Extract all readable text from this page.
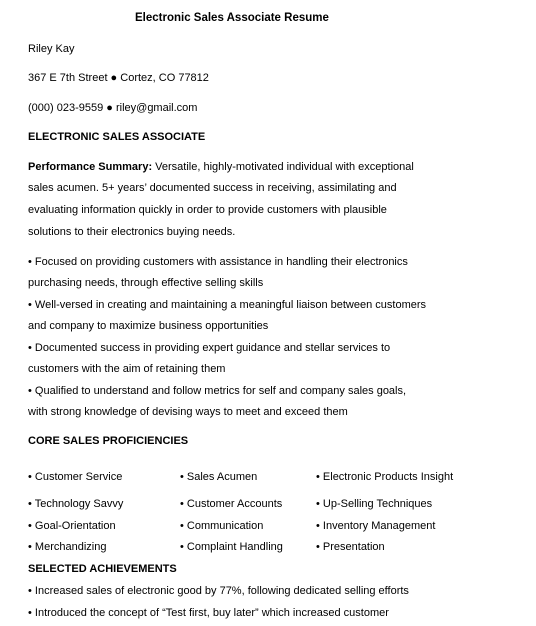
Electronic Sales Associate Resume
Riley Kay
367 E 7th Street ● Cortez, CO 77812
(000) 023-9559 ● riley@gmail.com
ELECTRONIC SALES ASSOCIATE
Performance Summary: Versatile, highly-motivated individual with exceptional
sales acumen. 5+ years’ documented success in receiving, assimilating and
evaluating information quickly in order to provide customers with plausible
solutions to their electronics buying needs.
• Focused on providing customers with assistance in handling their electronics
purchasing needs, through effective selling skills
• Well-versed in creating and maintaining a meaningful liaison between customers
and company to maximize business opportunities
• Documented success in providing expert guidance and stellar services to
customers with the aim of retaining them
• Qualified to understand and follow metrics for self and company sales goals,
with strong knowledge of devising ways to meet and exceed them
CORE SALES PROFICIENCIES
• Customer Service	• Sales Acumen	• Electronic Products Insight
• Technology Savvy	• Customer Accounts	• Up-Selling Techniques
• Goal-Orientation	• Communication	• Inventory Management
• Merchandizing	• Complaint Handling	• Presentation
SELECTED ACHIEVEMENTS
• Increased sales of electronic good by 77%, following dedicated selling efforts
• Introduced the concept of “Test first, buy later” which increased customer
